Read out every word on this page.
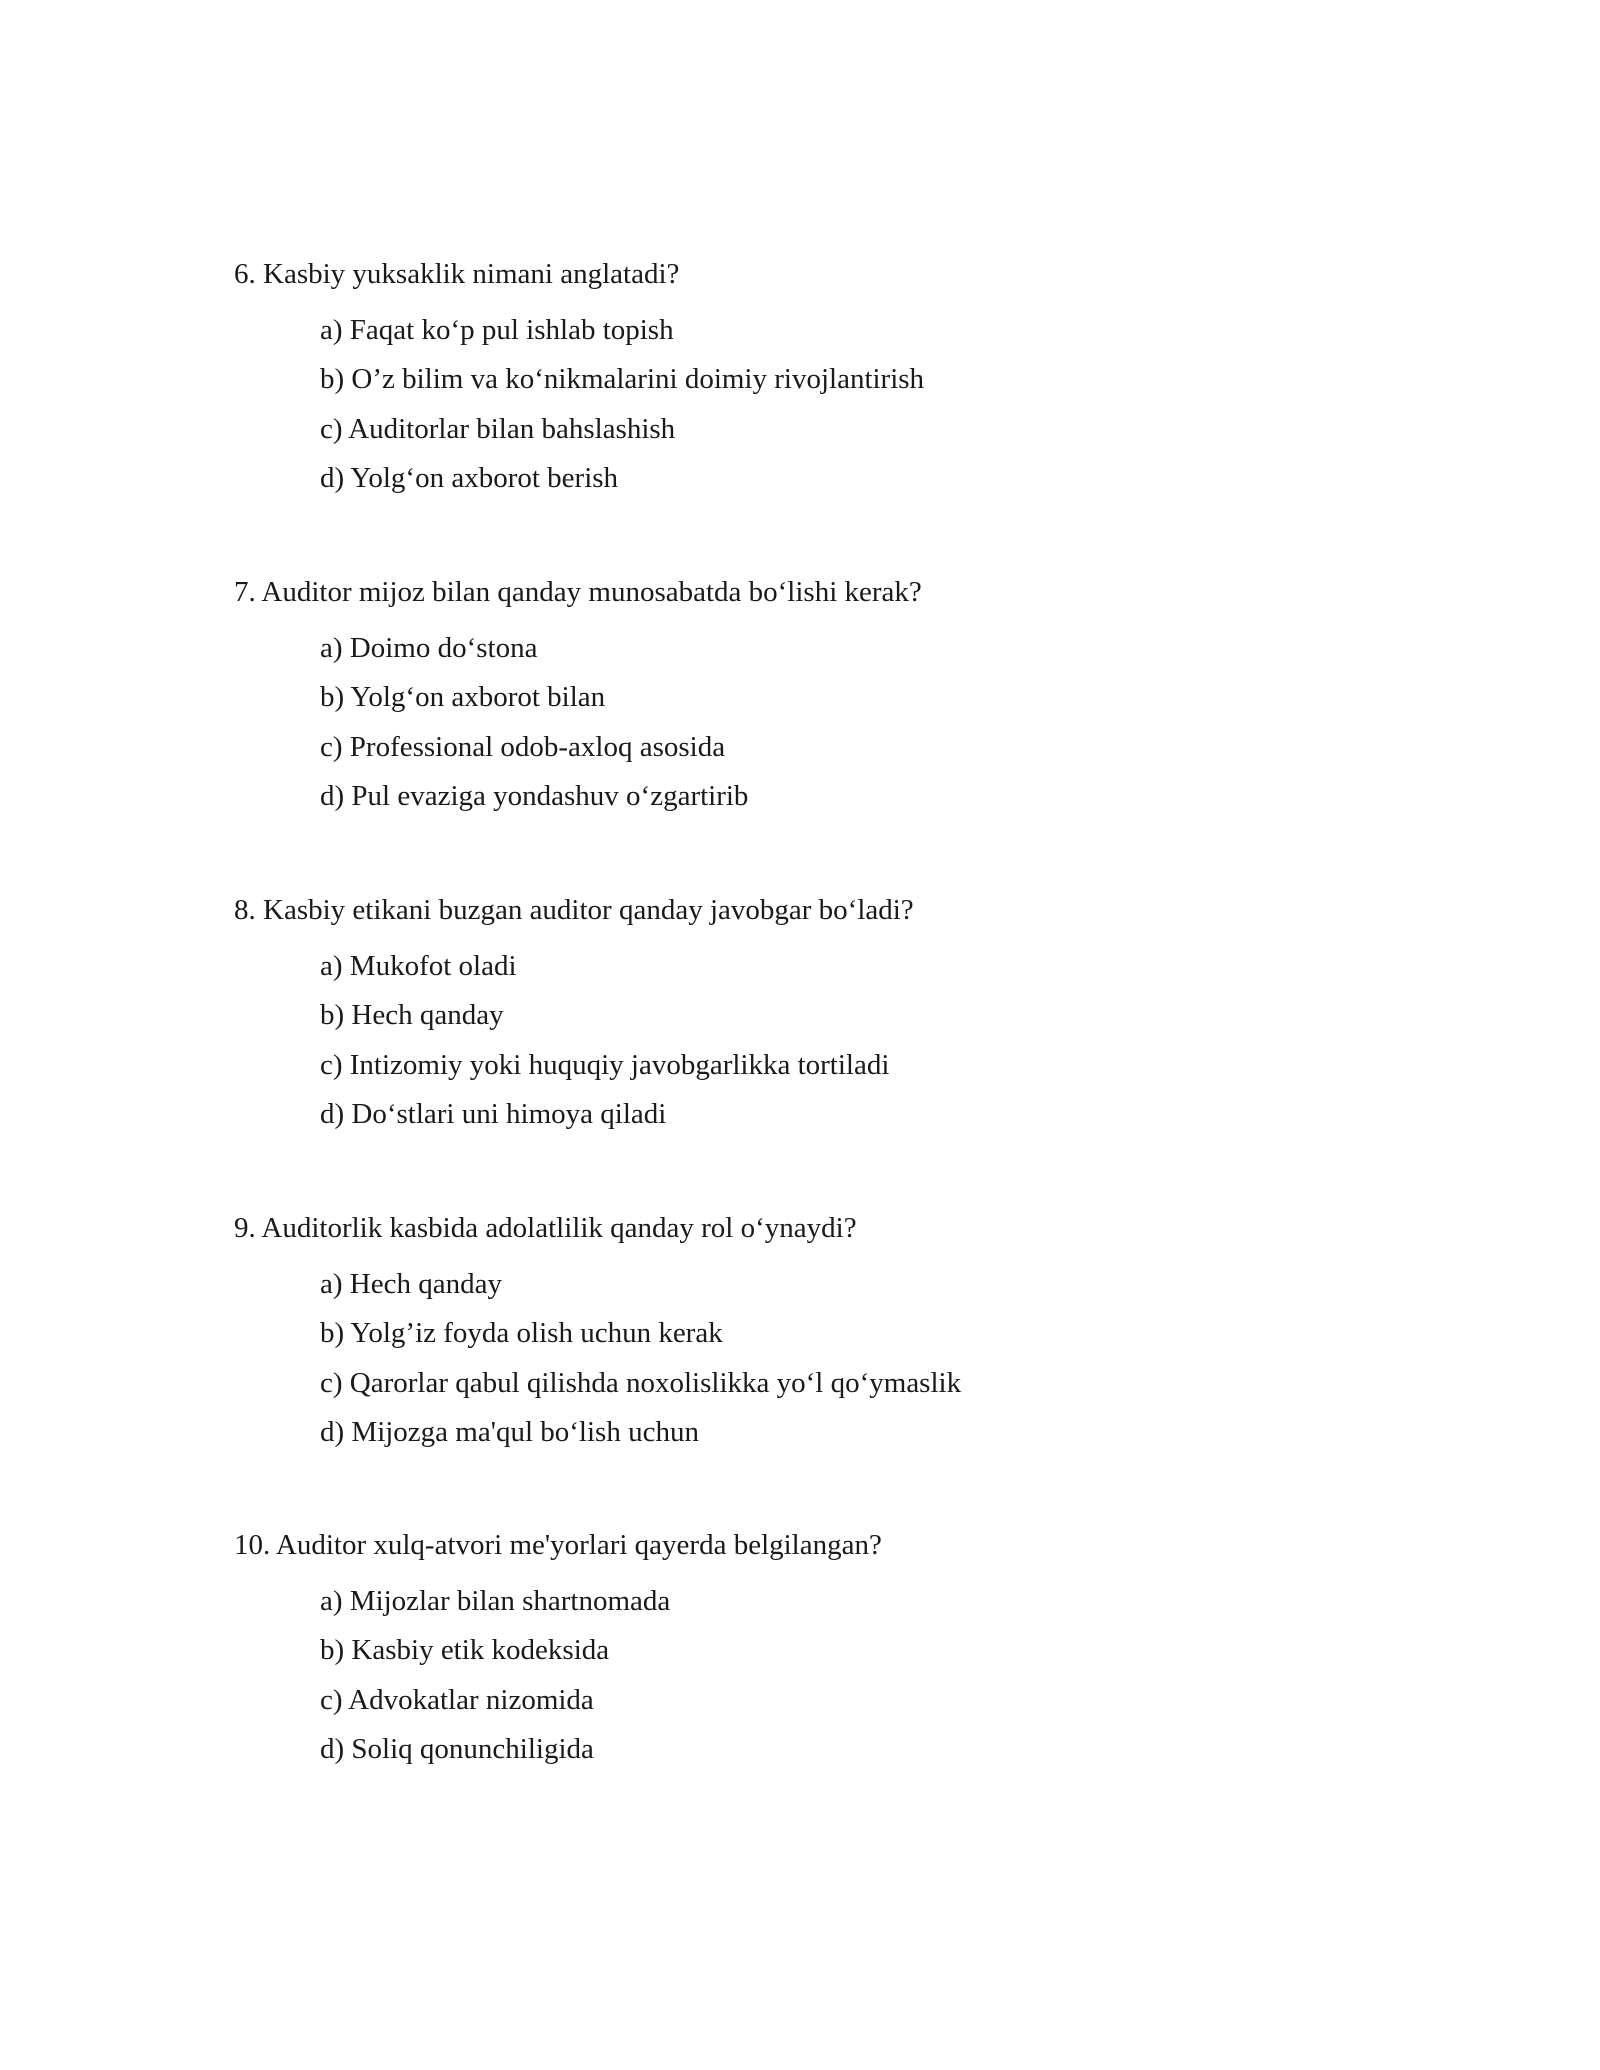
6. Kasbiy yuksaklik nimani anglatadi?

a) Faqat ko‘p pul ishlab topish
b) O’z bilim va ko‘nikmalarini doimiy rivojlantirish
c) Auditorlar bilan bahslashish
d) Yolg‘on axborot berish

7. Auditor mijoz bilan qanday munosabatda bo‘lishi kerak?

a) Doimo do‘stona
b) Yolg‘on axborot bilan
c) Professional odob-axloq asosida
d) Pul evaziga yondashuv o‘zgartirib

8. Kasbiy etikani buzgan auditor qanday javobgar bo‘ladi?

a) Mukofot oladi
b) Hech qanday
c) Intizomiy yoki huquqiy javobgarlikka tortiladi
d) Do‘stlari uni himoya qiladi

9. Auditorlik kasbida adolatlilik qanday rol o‘ynaydi?

a) Hech qanday
b) Yolg’iz foyda olish uchun kerak
c) Qarorlar qabul qilishda noxolislikka yo‘l qo‘ymaslik
d) Mijozga ma'qul bo‘lish uchun

10. Auditor xulq-atvori me'yorlari qayerda belgilangan?

a) Mijozlar bilan shartnomada
b) Kasbiy etik kodeksida
c) Advokatlar nizomida
d) Soliq qonunchiligida
